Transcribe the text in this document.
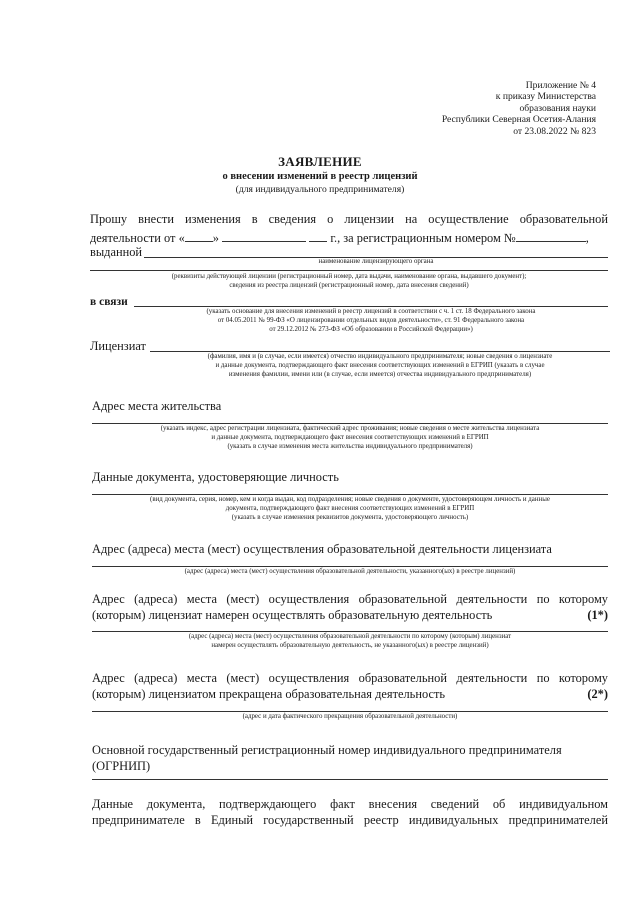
Приложение № 4
к приказу Министерства
образования науки
Республики Северная Осетия-Алания
от 23.08.2022 № 823
ЗАЯВЛЕНИЕ
о внесении изменений в реестр лицензий
(для индивидуального предпринимателя)
Прошу внести изменения в сведения о лицензии на осуществление образовательной
деятельности от « »	г., за регистрационным номером №	,
выданной
наименование лицензирующего органа
(реквизиты действующей лицензии (регистрационный номер, дата выдачи, наименование органа, выдавшего документ);
сведения из реестра лицензий (регистрационный номер, дата внесения сведений)
в связи
(указать основание для внесения изменений в реестр лицензий в соответствии с ч. 1 ст. 18 Федерального закона
от 04.05.2011 № 99-ФЗ «О лицензировании отдельных видов деятельности», ст. 91 Федерального закона
от 29.12.2012 № 273-ФЗ «Об образовании в Российской Федерации»)
Лицензиат
(фамилия, имя и (в случае, если имеется) отчество индивидуального предпринимателя; новые сведения о лицензиате
и данные документа, подтверждающего факт внесения соответствующих изменений в ЕГРИП (указать в случае
изменения фамилии, имени или (в случае, если имеется) отчества индивидуального предпринимателя)
Адрес места жительства
(указать индекс, адрес регистрации лицензиата, фактический адрес проживания; новые сведения о месте жительства лицензиата
и данные документа, подтверждающего факт внесения соответствующих изменений в ЕГРИП
(указать в случае изменения места жительства индивидуального предпринимателя)
Данные документа, удостоверяющие личность
(вид документа, серия, номер, кем и когда выдан, код подразделения; новые сведения о документе, удостоверяющем личность и данные
документа, подтверждающего факт внесения соответствующих изменений в ЕГРИП
(указать в случае изменения реквизитов документа, удостоверяющего личность)
Адрес (адреса) места (мест) осуществления образовательной деятельности лицензиата
(адрес (адреса) места (мест) осуществления образовательной деятельности, указанного(ых) в реестре лицензий)
Адрес (адреса) места (мест) осуществления образовательной деятельности по которому
(которым) лицензиат намерен осуществлять образовательную деятельность	(1*)
(адрес (адреса) места (мест) осуществления образовательной деятельности по которому (которым) лицензиат
намерен осуществлять образовательную деятельность, не указанного(ых) в реестре лицензий)
Адрес (адреса) места (мест) осуществления образовательной деятельности по которому
(которым) лицензиатом прекращена образовательная деятельность	(2*)
(адрес и дата фактического прекращения образовательной деятельности)
Основной государственный регистрационный номер индивидуального предпринимателя
(ОГРНИП)
Данные документа, подтверждающего факт внесения сведений об индивидуальном
предпринимателе в Единый государственный реестр индивидуальных предпринимателей
